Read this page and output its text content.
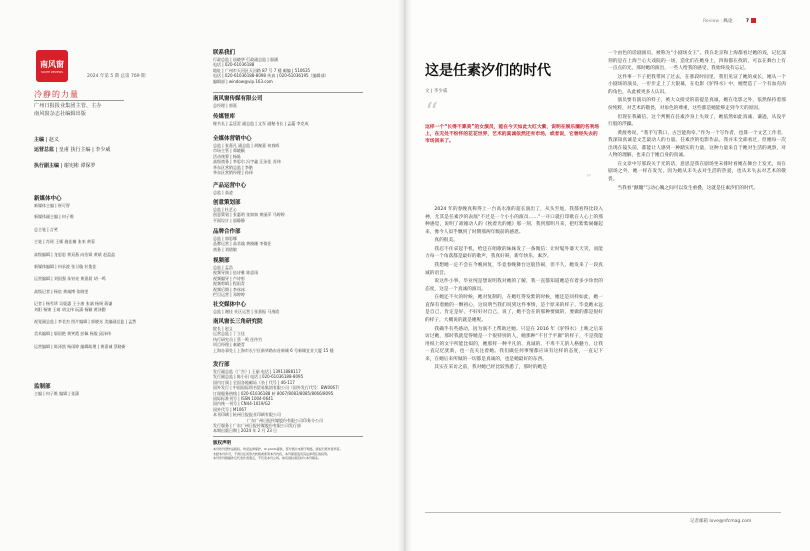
南风窗
SOUTH REVIEWS
2024 年第 5 期 总第 769 期
冷静的力量
广州日报报业集团主管、主办
南风窗杂志社编辑出版
主编 | 赵义
运营总监 | 皇甫 执行主编 | 李少威
执行副主编 | 谢宪彬 谭保罗
新媒体中心
新媒体主编 | 崔可智
新媒体副主编 | 何子维
总主笔 | 言笑
主笔 | 肖瑶 王雁 施佳楠 张来 黄蓉
高级编辑 | 龙思思 黄双燕 向治霖 黄斌 赵盈盈
新媒体编辑 | 何承波 张旦璇 杜俊佳
运营编辑 | 刘国强 朱钊亮 黄嘉晨 胡一鸣
高级记者 | 杨宸 黄诚博 张晓雯
记者 | 杨雪珍 吴焜惠 王小康 张滴 杨锡 蒋谦
刘阳 杨锦 王萌 胡文伟 阮潇 杨颖 黄泽勤
视觉副总监 | 李君杰 图片编辑 | 郭晓光 美编副总监 | 孟然
美术编辑 | 邬国艳 黄笑霞 彭佩 杨俊 邱泽伟
运营编辑 | 陈泽凯 杨雨婷 编辑助理 | 黄嘉诚 蔡晓新
监制部
主编 | 何子维 编辑 | 张潇
联系我们
行政总监 | 屈晓华 行政副总监 | 邬涵
电话 | 020-61036188
地址 | 广州市天河区天河路 87 号 7 楼 邮编 | 510635
电话 | 020-61036188-8098 传真 | 020-61036195（编辑部）
编辑部 | window@vip.163.com
南风窗传媒有限公司
总经理 | 郭嘉
传媒智库
秘书长 | 孟廷雷 副总监 | 文军 副秘书长 | 孟蕴 李克成
全媒体营销中心
总监 | 张嘉凡 副总监 | 胡婉嘉 何春晖
市场主管 | 郑晓颖
活动统筹 | 杨陈
高级商务 | 李思尔 冯宇鑫 汪泳佳 苏炜
华东区营销总监 | 李皓
华东区营销经理 | 孙伟
产品运营中心
总监 | 高凌
创意策划部
总监 | 杜艺心
创意策划 | 张惠明 张如如 黄丽萍 马婷婷
平面设计 | 邵静静
品牌合作部
总监 | 郭思娜
品牌运营 | 高君瑜 黄晓珊 李倩任
商务 | 刘倩敏
视频部
总监 | 孟浩
视频导演 | 伍诗雅 陈思雨
视频编导 | 卢诗彤
视频剪辑 | 程雨青
视频后期 | 李冰冰
栏目运营 | 邓婷婷
社交媒体中心
总监 | 谢佳 社区运营 | 张嘉振 马逸欣
南风窗长三角研究院
院长 | 赵义
运营总监 | 丁立佳
执行研究员 | 蔡一鸣 任传竹
项目经理 | 秦晓青
上海办事处 | 上海市长宁区新华路东首新城 6 号新城宜业大厦 15 楼
发行部
发行副总监（广告）| 王丽 电话 | 13911888117
发行副总监 | 陈小田 电话 | 020-61036188-8095
国内订阅 | 全国各地邮局（杂 | 代号 | 46-117
国外发行 | 中国国际图书贸易集团有限公司（国外发行代号：BW0067）
订阅服务热线 | 020-61036188 转 8067/8083/8085/8066/8095
国际标准刊号 | ISSN 1004-0641
国内统一刊号 | CN44-1019/G2
国外代号 | M1067
本刊印刷 | 杭州日报报业印刷有限公司
广东广州日报传媒股份有限公司印务分公司
发行服务 | 广东广州日报传媒股份有限公司发行部
本期出版日期 | 2024 年 2 月 23 日
版权声明
本刊所刊登作品版权，均受法律保护，IC photo提供，部分图片来源于网络，版权归原作者所有。
未经本刊许可，不得以任何形式转载或使用本刊内容，本刊保留追究其法律责任的权利。
本刊所刊载稿件仅代表作者观点，不代表本刊立场。如有侵权请及时与本刊联系。
Review | 纵论	7
这是任素汐们的时代
文 | 李少威
“
这样一个“长得不算美”的女演员，能在今天如此大红大紫，说明在娱乐圈的名利场上，在无处不纷怀的花花世界，艺术的真诚依然还有市场，或者说，它曾经失去的市场回来了。
”

2024 年的春晚真称得上一台高水准的超长演出了，从头至尾，我都看得比较入神，尤其是任素汐的表演“不过是一个小小的演员……”一开口就打印歌在人心上的那种感觉，说明了战锤动人的《枕着光的她》那一刻，我到那明月来，把红紫紫闹嫌起来，像今人似乎飘到了时期那两年级前的感恩。

真的很美。

我忍不住拿起手机，给还在唱歌的妹妹发了一条微信：让时髦外婆天天笑，而能力每一个角落都是最好的歌声，我真好呀，新年快乐，素汐。

我想她一定不会在今晚回复，毕竟春晚舞台这般热闹，但不久，她发来了一段真诚的语音。

说这件小事，毕业纯是想说明我对她的了解，我一直都知道她是有着多少珍贵的态度，这是一个真诚的演员。

在她还不火的时候，她对复制的，在她红得发紫的时候，她还是同样如此，她一直保有着她的一颗初心，这说明当我们说到这件事情，是个原来的样子，毕竟她永远是自己，肯定是好，不好好对自己，说了，她不会在的那种要做的，要做的都是很好的样子，大概说的就是她呢。

我确乎有些感动，因为演不上帮助过她。只是在 2016 年《驴得水》上映之后采访过她，那时我就觉得她是一个很特别的人，她那种“不甘于平庸”的样子，不是我能用纸上的文字所能比拟的，她那样一种平凡的、真诚的、不卑不亢的人格魅力，让我一直记忆犹新，也一直关注着她。我们做任何事情都应该有这样的态度，一直记下来，在她后来所做的一切都是真诚的，也是她最好的东西。

其实在采访之前，我对她已经比较熟悉了，那时的她是

一个由色的话剧演员，被称为“小剧场女王”。我在北京和上海都看过她的戏，记忆深刻的是在上海兰心大戏院的一场，造化们在她身上，四海都在找的，可以在舞台上有一点点的光，那时她的演出，一些人给我的感受，我始终没有忘记。

这件事一下子把我带回了过去，在那段时间里，我们见证了她的成长，她从一个小剧场的演员，一步步走上了大银幕，在电影《驴得水》中，她塑造了一个有血有肉的角色，从此被更多人认识。

演员要有演员的样子，被大众接受的前提是真诚，她在电影之外，依然保持着那份纯粹，对艺术的敬畏，对角色的尊重，这些都是她能够走到今天的原因。

但现在我确信，这个判断在任素汐身上失效了，她依然如此真诚，谦逊，从没平行般的浮躁。

黄渡秀说，“我手写我口，古岂能拘牵。”作为一个写作者，也算一个文艺工作者，我深知真诚是文艺最动人的力量。任素汐的电影作品，我并未全部看过，但她每一次出现在镜头前，都能让人感到一种踏实的力量，这种力量来自于她对生活的观察，对人物的理解，也来自于她自身的真诚。

在文章中写那段关于光的话，意思是我在剧场坐末排时看她在舞台上发光，而在剧场之外，她一样在发光，因为她从未失去对生活的热爱，也从未失去对艺术的敬畏。

当我看“颠簸”与动心魄之间可以发生重叠，这就是任素汐们的时代。

记者邮箱 love@nfcmag.com
